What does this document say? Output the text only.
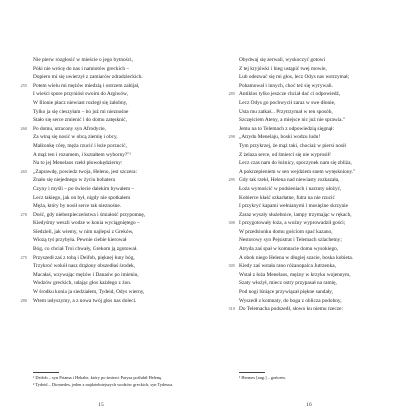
Nie pierw rozgłosić w mieście o jego bytności,
Póki nie wrócę do nas i namiotów greckich –
Dopiero mi się uwierzył z zamiarów zdradzieckich.
255 Potem wielu mi mężów miedzią i ostrzem zabijał,
I wieści spore przyniósł swoim do Argiwów,
W Ilionie płacz niewiast rozległ się żałobny,
Tylko ja się cieszyłam – bo już mi nieznośne
Stało się serce zmienić i do domu zatęsknić,
260 Po domu, utracony syn Afrodycie,
Za winą się nosić w obcą ziemię i obcy,
Małżonkę córę, męża rzucić i łoże porzucić,
A mąż ten i rozumem, i kształtem wyborny?"¹
Na to jej Menelaos rzekł płowokędzierny:
265 „Zaprawdę, powiedz twoja, Heleno, jest szczera:
Znało się niejednego w życiu bohatera
Czyny i myśli – po świecie dalekim bywałem –
Lecz takiego, jak on był, nigdy nie spotkałem
Męża, który by nosił serce tak nieznośne.
270 Dość, gdy niebezpieczeństwa i śmiałość przypomnę,
Kiedyśmy weszli wodze w konia wyciągniętego –
Siedzieli, jak wiemy, w nim najlepsi z Greków,
Wiozą tyś przybyła. Pewnie ciebie kierował
Bóg, co chciał Troi chwały, Grekom ją zgotował.
275 Przyszedł zaś z tobą i Deifob, pięknej łuny bóg,
Trzykroć wokół nasz drążony obszedłaś środek,
Macałaś, wzywając mężów i Danaów po imieniu,
Wodzów greckich, udając głos każdego z żon.
W środku konia ja siedziałem, Tydeid, Odys wierny,
280 Wtem usłyszymy, a z nowa twój głos nas doleci.
¹ Deifob – syn Priama i Hekabe, który po śmierci Parysa poślubił Helenę.
² Tydeid – Diomedes, jeden z najdzielniejszych wodzów greckich, syn Tydeusa.
15
Obydwaj się zerwali, wyskoczyć gotowi
Z tej kryjówki i bieg ustąpić twej mowie,
Lub odezwać się mi głos, lecz Odys nas wstrzymał;
Pohamował i innych, choć też się wyrywali.
285 Antiklos tylko jeszcze chciał dać ci odpowiedź,
Lecz Odys go pochwycił zaraz w swe dłonie,
Usta mu zatkał... Przytrzymał w ten sposób,
Szczęściem Ateny, a miejsce nic już nie sprawia."
Jemu na to Telemach z odpowiedzią sięgnął:
290 „Atrydo Menelaju, boski wodzu ludu!
Tym przykrzej, że mąż taki, chociaż w piersi nosił
Z żelaza serce, od śmierci się nie wyprosił!
Lecz czas nam do łożnicy, spoczynek nam się zbliża,
A pokrzepieniem w sen wejdziem snem wytęskniony."
295 Gdy tak rzekł, Helena nad niewiasty rozkazała,
Łoża wymościć w podsieniach i narzuty ułożyć,
Kobierce kłaść szkarłatne, futra na nie rzucić
I przykryć kapami wełnianymi i mosiężne skrzynie
Zaraz wyszły służebnice, lampy trzymając w rękach,
300 I przygotowały łoża, a woźny wyprowadził gości;
W przedsionku domu gościom spać kazano,
Nestorowy syn Pejsistrat i Telemach szlachetny;
Atryda zaś spał w komnacie domu wysokiego,
A obok niego Helena w długiej szacie, boska kobieta.
305 Kiedy zaś wstała rano różanopalca Jutrzenka,
Wstał z łoża Menelaos, mężny w krzyku wojennym,
Szaty włożył, miecz ostry przypasał na ramię,
Pod nogi lśniące przywiązał piękne sandały,
Wyszedł z komnaty, do boga z oblicza podobny,
310 Do Telemacha podszedł, słowo ku niemu rzecze:
¹ Hermes [ang.] – gońcem.
16
